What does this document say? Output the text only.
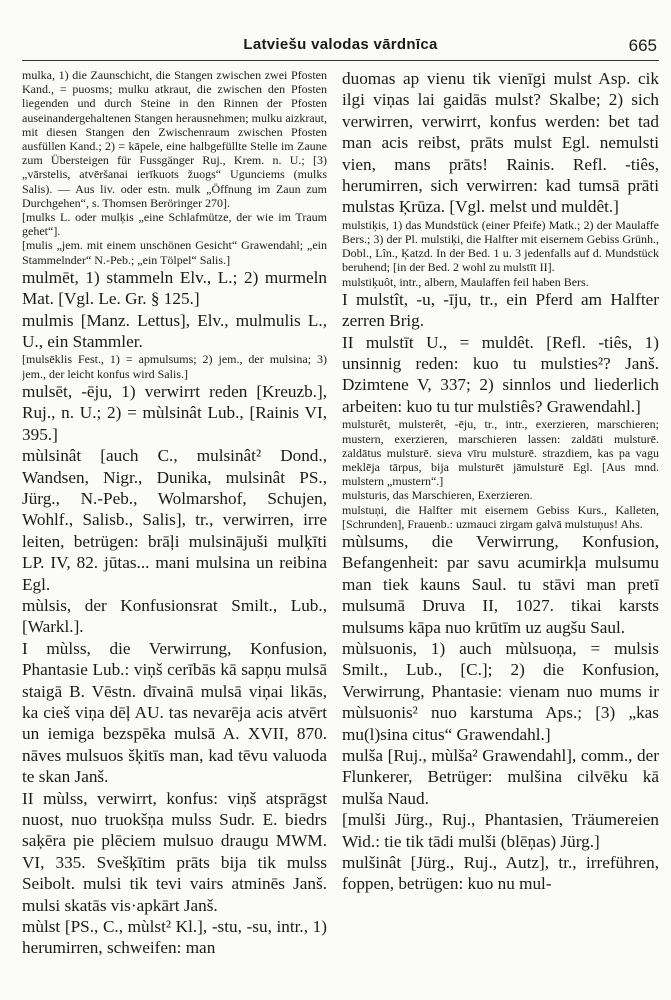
Latviešu valodas vārdnīca	665

mulka, 1) die Zaunschicht, die Stangen zwischen zwei Pfosten Kand., = puosms; mulku atkraut, die zwischen den Pfosten liegenden und durch Steine in den Rinnen der Pfosten auseinandergehaltenen Stangen herausnehmen; mulku aizkraut, mit diesen Stangen den Zwischenraum zwischen Pfosten ausfüllen Kand.; 2) = kāpele, eine halbgefüllte Stelle im Zaune zum Übersteigen für Fussgänger Ruj., Krem. n. U.; [3) „vārstelis, atvēršanai ierīkuots žuogs“ Ugunciems (mulks Salis). — Aus liv. oder estn. mulk „Öffnung im Zaun zum Durchgehen“, s. Thomsen Beröringer 270].

[mulks L. oder mulķis „eine Schlafmütze, der wie im Traum gehet“].

[mulis „jem. mit einem unschönen Gesicht“ Grawendahl; „ein Stammelnder“ N.-Peb.; „ein Tölpel“ Salis.]

mulmēt, 1) stammeln Elv., L.; 2) murmeln Mat. [Vgl. Le. Gr. § 125.]

mulmis [Manz. Lettus], Elv., mulmulis L., U., ein Stammler.

[mulsēklis Fest., 1) = apmulsums; 2) jem., der mulsina; 3) jem., der leicht konfus wird Salis.]

mulsēt, -ēju, 1) verwirrt reden [Kreuzb.], Ruj., n. U.; 2) = mùlsinât Lub., [Rainis VI, 395.]

mùlsinât [auch C., mulsinât² Dond., Wandsen, Nigr., Dunika, mulsinât PS., Jürg., N.-Peb., Wolmarshof, Schujen, Wohlf., Salisb., Salis], tr., verwirren, irre leiten, betrügen: brāļi mulsinājuši mulķīti LP. IV, 82. jūtas... mani mulsina un reibina Egl.

mùlsis, der Konfusionsrat Smilt., Lub., [Warkl.].

I mùlss, die Verwirrung, Konfusion, Phantasie Lub.: viņš cerībās kā sapņu mulsā staigā B. Vēstn. dīvainā mulsā viņai likās, ka cieš viņa dēļ AU. tas nevarēja acis atvērt un iemiga bezspēka mulsā A. XVII, 870. nāves mulsuos šķitīs man, kad tēvu valuoda te skan Janš.

II mùlss, verwirrt, konfus: viņš atsprāgst nuost, nuo truokšņa mulss Sudr. E. biedrs saķēra pie plēciem mulsuo draugu MWM. VI, 335. Svešķītim prāts bija tik mulss Seibolt. mulsi tik tevi vairs atminēs Janš. mulsi skatās vis·apkārt Janš.

mùlst [PS., C., mùlst² Kl.], -stu, -su, intr., 1) herumirren, schweifen: man

duomas ap vienu tik vienīgi mulst Asp. cik ilgi viņas lai gaidās mulst? Skalbe; 2) sich verwirren, verwirrt, konfus werden: bet tad man acis reibst, prāts mulst Egl. nemulsti vien, mans prāts! Rainis. Refl. -tiês, herumirren, sich verwirren: kad tumsā prāti mulstas Ķrūza. [Vgl. melst und muldêt.]

mulstiķis, 1) das Mundstück (einer Pfeife) Matk.; 2) der Maulaffe Bers.; 3) der Pl. mulstiķi, die Halfter mit eisernem Gebiss Grünh., Dobl., Lîn., Ķatzd. In der Bed. 1 u. 3 jedenfalls auf d. Mundstück beruhend; [in der Bed. 2 wohl zu mulstīt II].

mulstiķuôt, intr., albern, Maulaffen feil haben Bers.

I mulstît, -u, -īju, tr., ein Pferd am Halfter zerren Brig.

II mulstīt U., = muldêt. [Refl. -tiês, 1) unsinnig reden: kuo tu mulsties²? Janš. Dzimtene V, 337; 2) sinnlos und liederlich arbeiten: kuo tu tur mulstiês? Grawendahl.]

mulsturêt, mulsterêt, -ēju, tr., intr., exerzieren, marschieren; mustern, exerzieren, marschieren lassen: zaldāti mulsturē. zaldātus mulsturē. sieva vīru mulsturē. strazdiem, kas pa vagu meklēja tārpus, bija mulsturēt jāmulsturē Egl. [Aus mnd. mulstern „mustern“.]

mulsturis, das Marschieren, Exerzieren.

mulstuņi, die Halfter mit eisernem Gebiss Kurs., Kalleten, [Schrunden], Frauenb.: uzmauci zirgam galvā mulstuņus! Ahs.

mùlsums, die Verwirrung, Konfusion, Befangenheit: par savu acumirkļa mulsumu man tiek kauns Saul. tu stāvi man pretī mulsumā Druva II, 1027. tikai karsts mulsums kāpa nuo krūtīm uz augšu Saul.

mùlsuonis, 1) auch mùlsuoņa, = mulsis Smilt., Lub., [C.]; 2) die Konfusion, Verwirrung, Phantasie: vienam nuo mums ir mùlsuonis² nuo karstuma Aps.; [3) „kas mu(l)sina citus“ Grawendahl.]

mulša [Ruj., mùlša² Grawendahl], comm., der Flunkerer, Betrüger: mulšina cilvēku kā mulša Naud.

[mulši Jürg., Ruj., Phantasien, Träumereien Wid.: tie tik tādi mulši (blēņas) Jürg.]

mulšinât [Jürg., Ruj., Autz], tr., irreführen, foppen, betrügen: kuo nu mul-
